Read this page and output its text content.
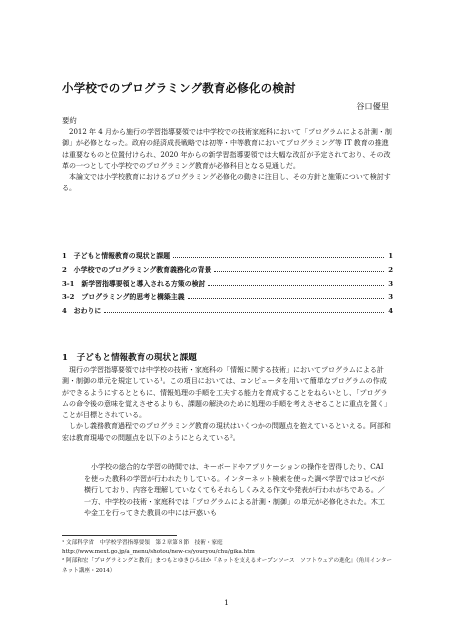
小学校でのプログラミング教育必修化の検討
谷口優里
要約

2012 年 4 月から施行の学習指導要領では中学校での技術家庭科において「プログラムによる計測・制御」が必修となった。政府の経済成長戦略では初等・中等教育においてプログラミング等 IT 教育の推進は重要なものと位置付けられ、2020 年からの新学習指導要領では大幅な改訂が予定されており、その改革の一つとして小学校でのプログラミング教育が必修科目となる見通しだ。

本論文では小学校教育におけるプログラミング必修化の動きに注目し、その方針と施策について検討する。

1　子どもと情報教育の現状と課題	1
2　小学校でのプログラミング教育義務化の背景	2
3-1　新学習指導要領と導入される方策の検討	3
3-2　プログラミング的思考と構築主義	3
4　おわりに	4
1　子どもと情報教育の現状と課題

現行の学習指導要領では中学校の技術・家庭科の「情報に関する技術」においてプログラムによる計測・制御の単元を規定している¹。この項目においては、コンピュータを用いて簡単なプログラムの作成ができるようにするとともに、情報処理の手順を工夫する能力を育成することをねらいとし、「プログラムの命令後の意味を覚えさせるよりも、課題の解決のために処理の手順を考えさせることに重点を置く」ことが目標とされている。

しかし義務教育過程でのプログラミング教育の現状はいくつかの問題点を抱えているといえる。阿部和宏は教育現場での問題点を以下のようにとらえている²。

小学校の総合的な学習の時間では、キーボードやアプリケーションの操作を習得したり、CAI を使った教科の学習が行われたりしている。インターネット検索を使った調べ学習ではコピペが横行しており、内容を理解していなくてもそれらしくみえる作文や発表が行われがちである。／一方、中学校の技術・家庭科では「プログラムによる計測・制御」の単元が必修化された。木工や金工を行ってきた教員の中には戸惑いも

¹ 文部科学省　中学校学習指導要領　第２章第８節　技術・家庭
http://www.mext.go.jp/a_menu/shotou/new-cs/youryou/chu/gika.htm
² 阿部和宏「プログラミングと教育」まつもとゆきひろほか『ネットを支えるオープンソース　ソフトウェアの進化』（角川インターネット講座・2014）
1
